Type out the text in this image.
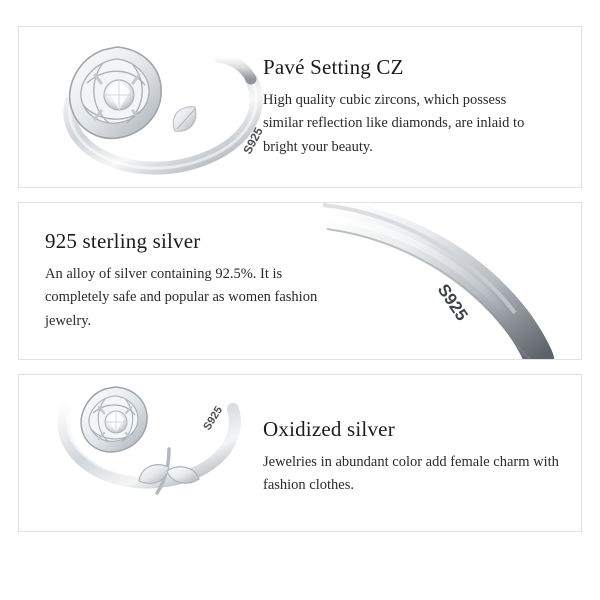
S925
Pavé Setting CZ

High quality cubic zircons, which possess similar reflection like diamonds, are inlaid to bright your beauty.

925 sterling silver

An alloy of silver containing 92.5%. It is completely safe and popular as women fashion jewelry.	S925
S925 Oxidized silver

Jewelries in abundant color add female charm with fashion clothes.
